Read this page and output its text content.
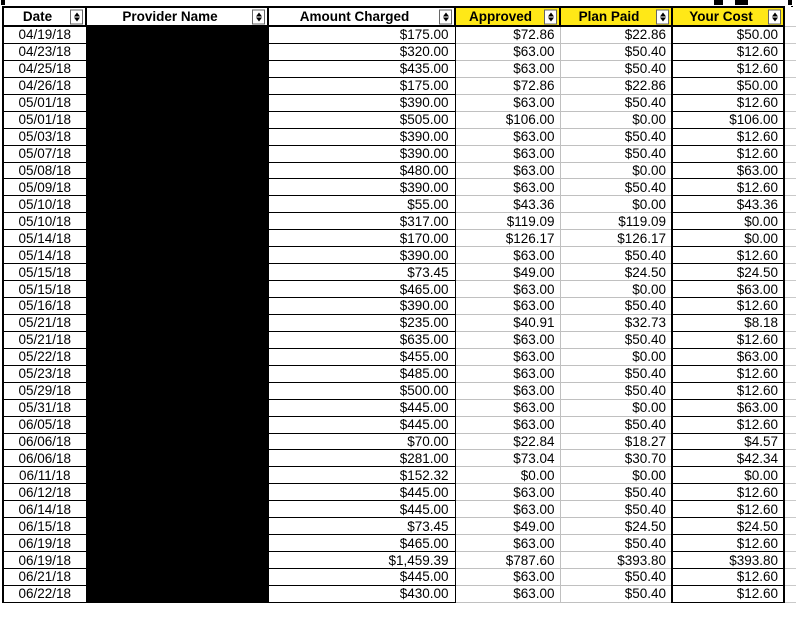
Date	Provider Name	Amount Charged	Approved	Plan Paid	Your Cost	

04/19/18		$175.00	$72.86	$22.86	$50.00	
04/23/18		$320.00	$63.00	$50.40	$12.60	
04/25/18		$435.00	$63.00	$50.40	$12.60	
04/26/18		$175.00	$72.86	$22.86	$50.00	
05/01/18		$390.00	$63.00	$50.40	$12.60	
05/01/18		$505.00	$106.00	$0.00	$106.00	
05/03/18		$390.00	$63.00	$50.40	$12.60	
05/07/18		$390.00	$63.00	$50.40	$12.60	
05/08/18		$480.00	$63.00	$0.00	$63.00	
05/09/18		$390.00	$63.00	$50.40	$12.60	
05/10/18		$55.00	$43.36	$0.00	$43.36	
05/10/18		$317.00	$119.09	$119.09	$0.00	
05/14/18		$170.00	$126.17	$126.17	$0.00	
05/14/18		$390.00	$63.00	$50.40	$12.60	
05/15/18		$73.45	$49.00	$24.50	$24.50	
05/15/18		$465.00	$63.00	$0.00	$63.00	
05/16/18		$390.00	$63.00	$50.40	$12.60	
05/21/18		$235.00	$40.91	$32.73	$8.18	
05/21/18		$635.00	$63.00	$50.40	$12.60	
05/22/18		$455.00	$63.00	$0.00	$63.00	
05/23/18		$485.00	$63.00	$50.40	$12.60	
05/29/18		$500.00	$63.00	$50.40	$12.60	
05/31/18		$445.00	$63.00	$0.00	$63.00	
06/05/18		$445.00	$63.00	$50.40	$12.60	
06/06/18		$70.00	$22.84	$18.27	$4.57	
06/06/18		$281.00	$73.04	$30.70	$42.34	
06/11/18		$152.32	$0.00	$0.00	$0.00	
06/12/18		$445.00	$63.00	$50.40	$12.60	
06/14/18		$445.00	$63.00	$50.40	$12.60	
06/15/18		$73.45	$49.00	$24.50	$24.50	
06/19/18		$465.00	$63.00	$50.40	$12.60	
06/19/18		$1,459.39	$787.60	$393.80	$393.80	
06/21/18		$445.00	$63.00	$50.40	$12.60	
06/22/18		$430.00	$63.00	$50.40	$12.60	
